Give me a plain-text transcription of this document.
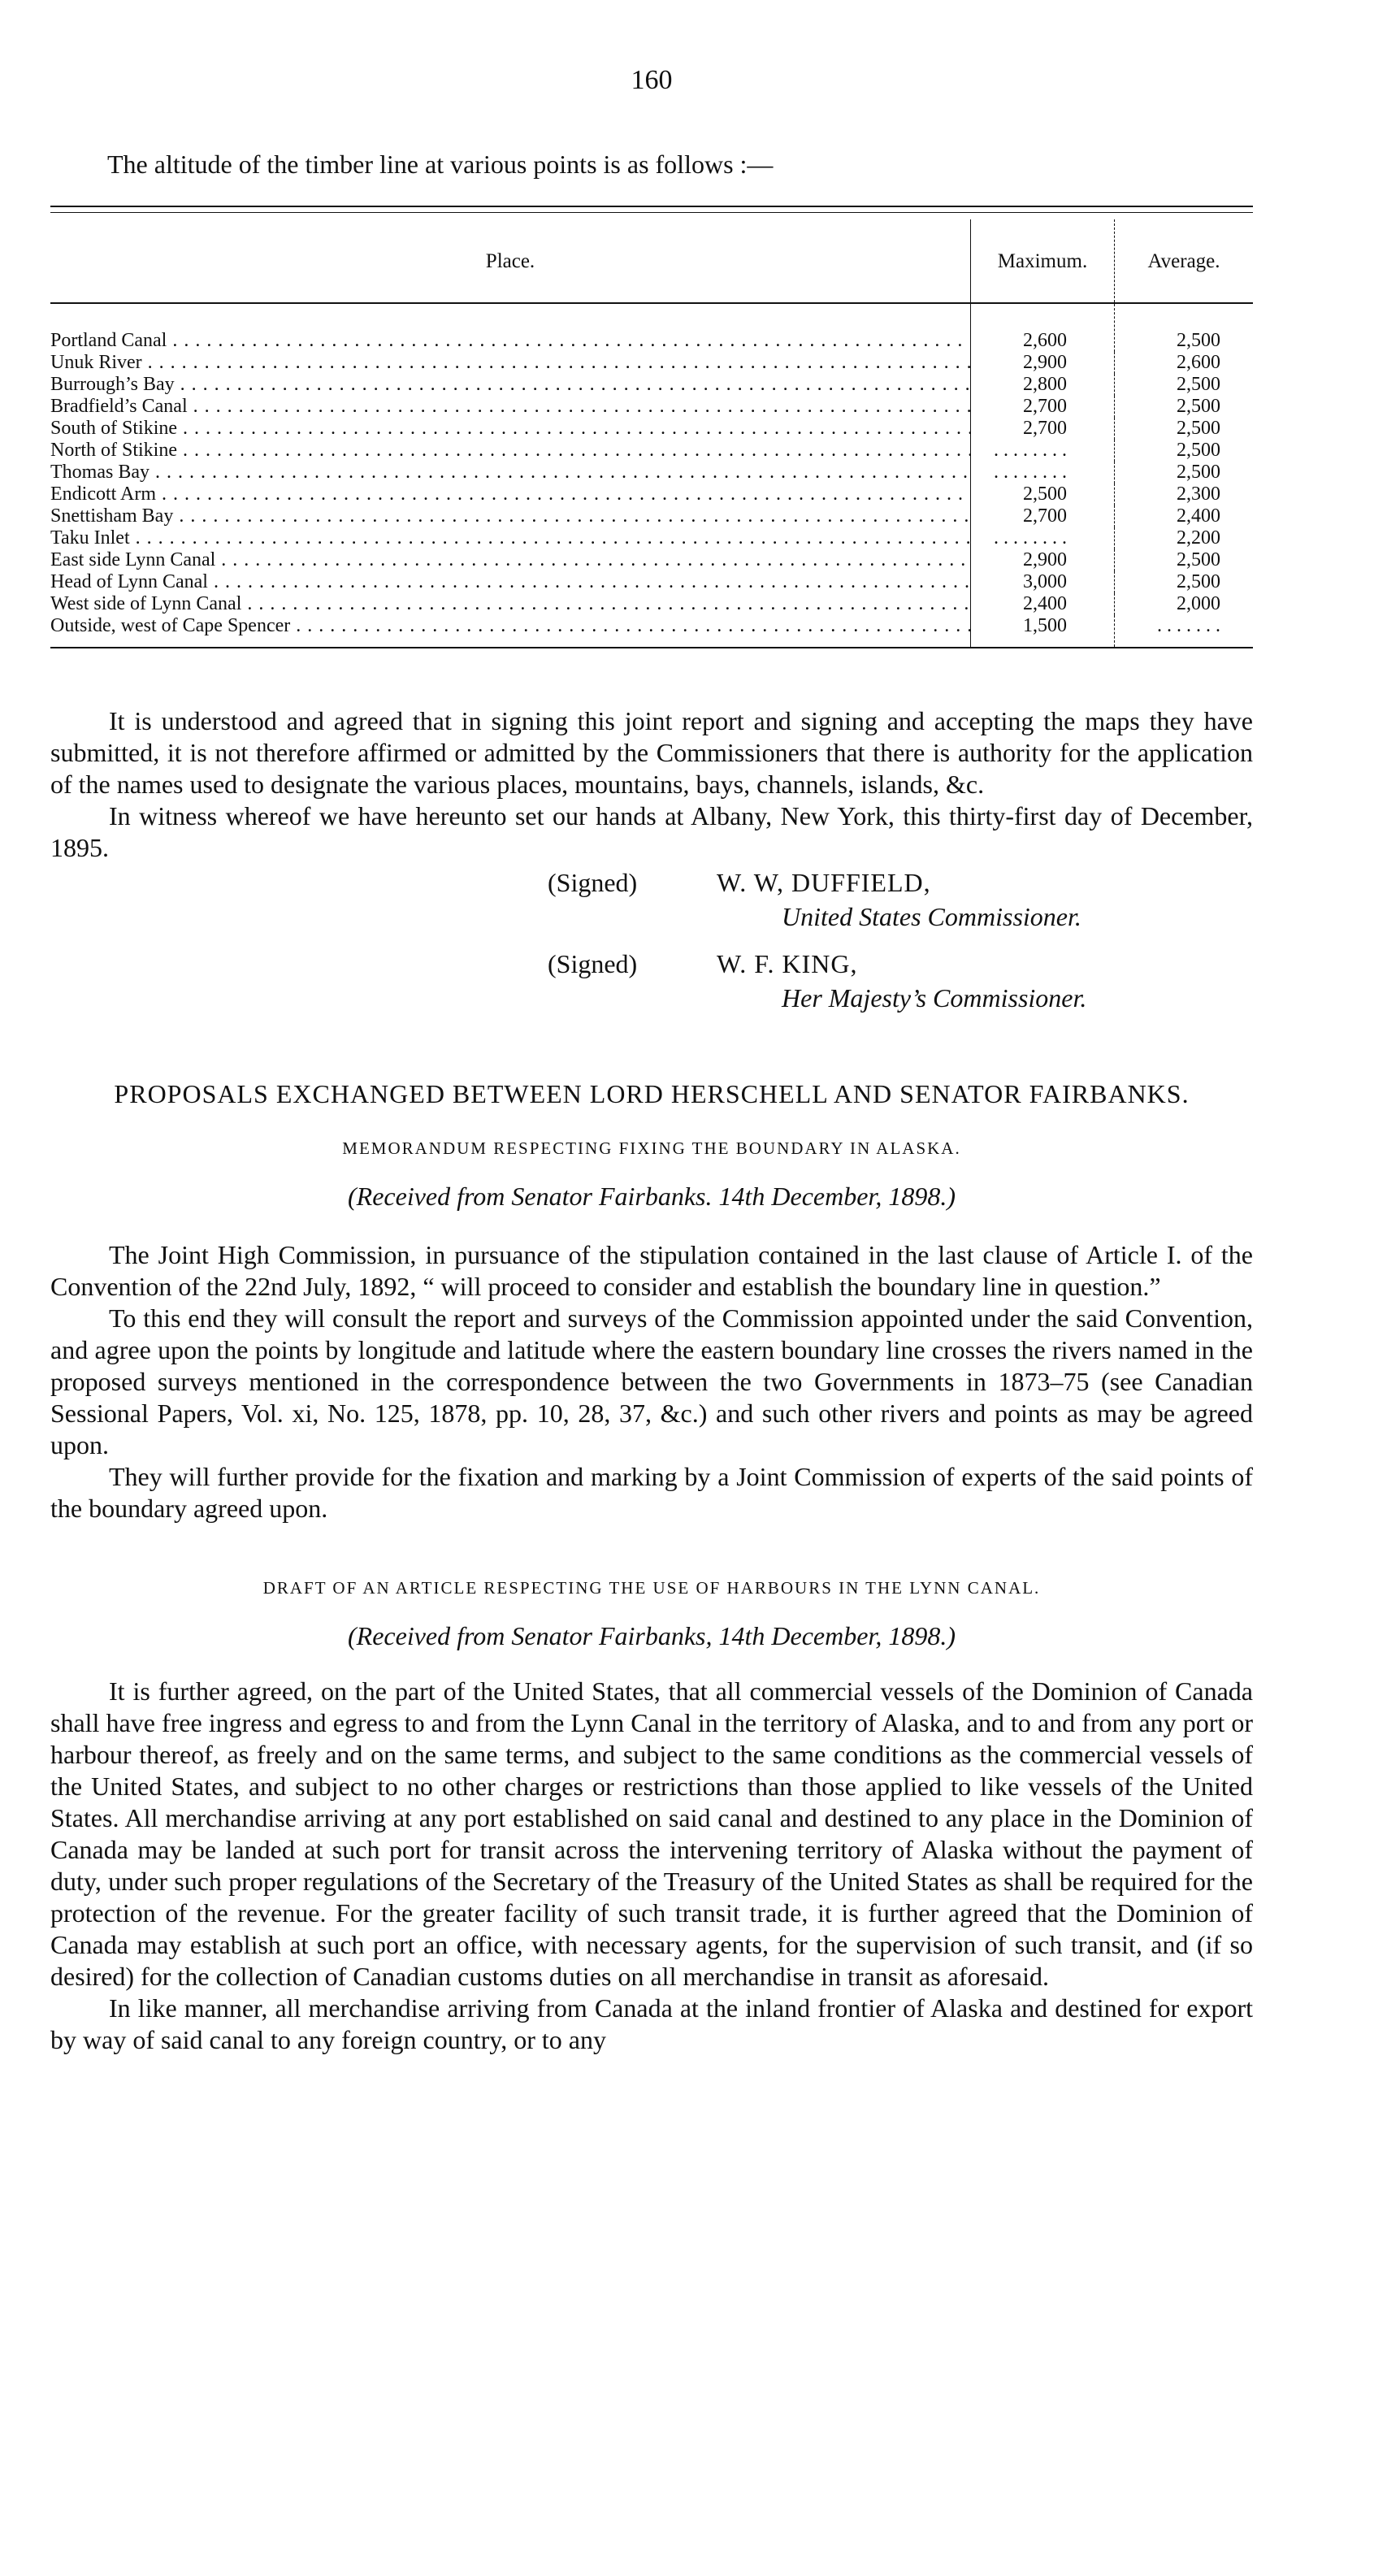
160
The altitude of the timber line at various points is as follows :—
Place.	Maximum.	Average.
Portland Canal . . .	2,600	2,500
Unuk River . . .	2,900	2,600
Burrough’s Bay . . .	2,800	2,500
Bradfield’s Canal . . .	2,700	2,500
South of Stikine . . .	2,700	2,500
North of Stikine . . .	. . . . . . . .	2,500
Thomas Bay . . .	. . . . . . . .	2,500
Endicott Arm . . .	2,500	2,300
Snettisham Bay . . .	2,700	2,400
Taku Inlet . . .	. . . . . . . .	2,200
East side Lynn Canal . . .	2,900	2,500
Head of Lynn Canal . . .	3,000	2,500
West side of Lynn Canal . . .	2,400	2,000
Outside, west of Cape Spencer . . .	1,500	. . . . . . .

It is understood and agreed that in signing this joint report and signing and accepting the maps they have submitted, it is not therefore affirmed or admitted by the Commissioners that there is authority for the application of the names used to designate the various places, mountains, bays, channels, islands, &c.

In witness whereof we have hereunto set our hands at Albany, New York, this thirty-first day of December, 1895.

(Signed)	W. W, DUFFIELD,
United States Commissioner.
(Signed)	W. F. KING,
Her Majesty’s Commissioner.
PROPOSALS EXCHANGED BETWEEN LORD HERSCHELL AND SENATOR FAIRBANKS.
MEMORANDUM RESPECTING FIXING THE BOUNDARY IN ALASKA.

(Received from Senator Fairbanks. 14th December, 1898.)

The Joint High Commission, in pursuance of the stipulation contained in the last clause of Article I. of the Convention of the 22nd July, 1892, “ will proceed to consider and establish the boundary line in question.”

To this end they will consult the report and surveys of the Commission appointed under the said Convention, and agree upon the points by longitude and latitude where the eastern boundary line crosses the rivers named in the proposed surveys mentioned in the correspondence between the two Governments in 1873–75 (see Canadian Sessional Papers, Vol. xi, No. 125, 1878, pp. 10, 28, 37, &c.) and such other rivers and points as may be agreed upon.

They will further provide for the fixation and marking by a Joint Commission of experts of the said points of the boundary agreed upon.

DRAFT OF AN ARTICLE RESPECTING THE USE OF HARBOURS IN THE LYNN CANAL.

(Received from Senator Fairbanks, 14th December, 1898.)

It is further agreed, on the part of the United States, that all commercial vessels of the Dominion of Canada shall have free ingress and egress to and from the Lynn Canal in the territory of Alaska, and to and from any port or harbour thereof, as freely and on the same terms, and subject to the same conditions as the commercial vessels of the United States, and subject to no other charges or restrictions than those applied to like vessels of the United States. All merchandise arriving at any port established on said canal and destined to any place in the Dominion of Canada may be landed at such port for transit across the intervening territory of Alaska without the payment of duty, under such proper regulations of the Secretary of the Treasury of the United States as shall be required for the protection of the revenue. For the greater facility of such transit trade, it is further agreed that the Dominion of Canada may establish at such port an office, with necessary agents, for the supervision of such transit, and (if so desired) for the collection of Canadian customs duties on all merchandise in transit as aforesaid.

In like manner, all merchandise arriving from Canada at the inland frontier of Alaska and destined for export by way of said canal to any foreign country, or to any
